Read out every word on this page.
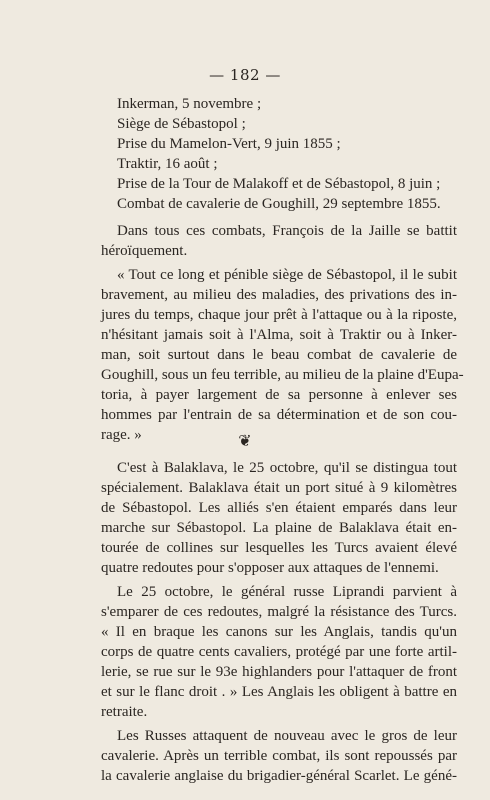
— 182 —
Inkerman, 5 novembre ;
Siège de Sébastopol ;
Prise du Mamelon-Vert, 9 juin 1855 ;
Traktir, 16 août ;
Prise de la Tour de Malakoff et de Sébastopol, 8 juin ;
Combat de cavalerie de Goughill, 29 septembre 1855.
Dans tous ces combats, François de la Jaille se battit
héroïquement.
« Tout ce long et pénible siège de Sébastopol, il le subit
bravement, au milieu des maladies, des privations des in-
jures du temps, chaque jour prêt à l'attaque ou à la riposte,
n'hésitant jamais soit à l'Alma, soit à Traktir ou à Inker-
man, soit surtout dans le beau combat de cavalerie de
Goughill, sous un feu terrible, au milieu de la plaine d'Eupa-
toria, à payer largement de sa personne à enlever ses
hommes par l'entrain de sa détermination et de son cou-
rage. »	❦
C'est à Balaklava, le 25 octobre, qu'il se distingua tout
spécialement. Balaklava était un port situé à 9 kilomètres
de Sébastopol. Les alliés s'en étaient emparés dans leur
marche sur Sébastopol. La plaine de Balaklava était en-
tourée de collines sur lesquelles les Turcs avaient élevé
quatre redoutes pour s'opposer aux attaques de l'ennemi.
Le 25 octobre, le général russe Liprandi parvient à
s'emparer de ces redoutes, malgré la résistance des Turcs.
« Il en braque les canons sur les Anglais, tandis qu'un
corps de quatre cents cavaliers, protégé par une forte artil-
lerie, se rue sur le 93e highlanders pour l'attaquer de front
et sur le flanc droit . » Les Anglais les obligent à battre en
retraite.
Les Russes attaquent de nouveau avec le gros de leur
cavalerie. Après un terrible combat, ils sont repoussés par
la cavalerie anglaise du brigadier-général Scarlet. Le géné-
